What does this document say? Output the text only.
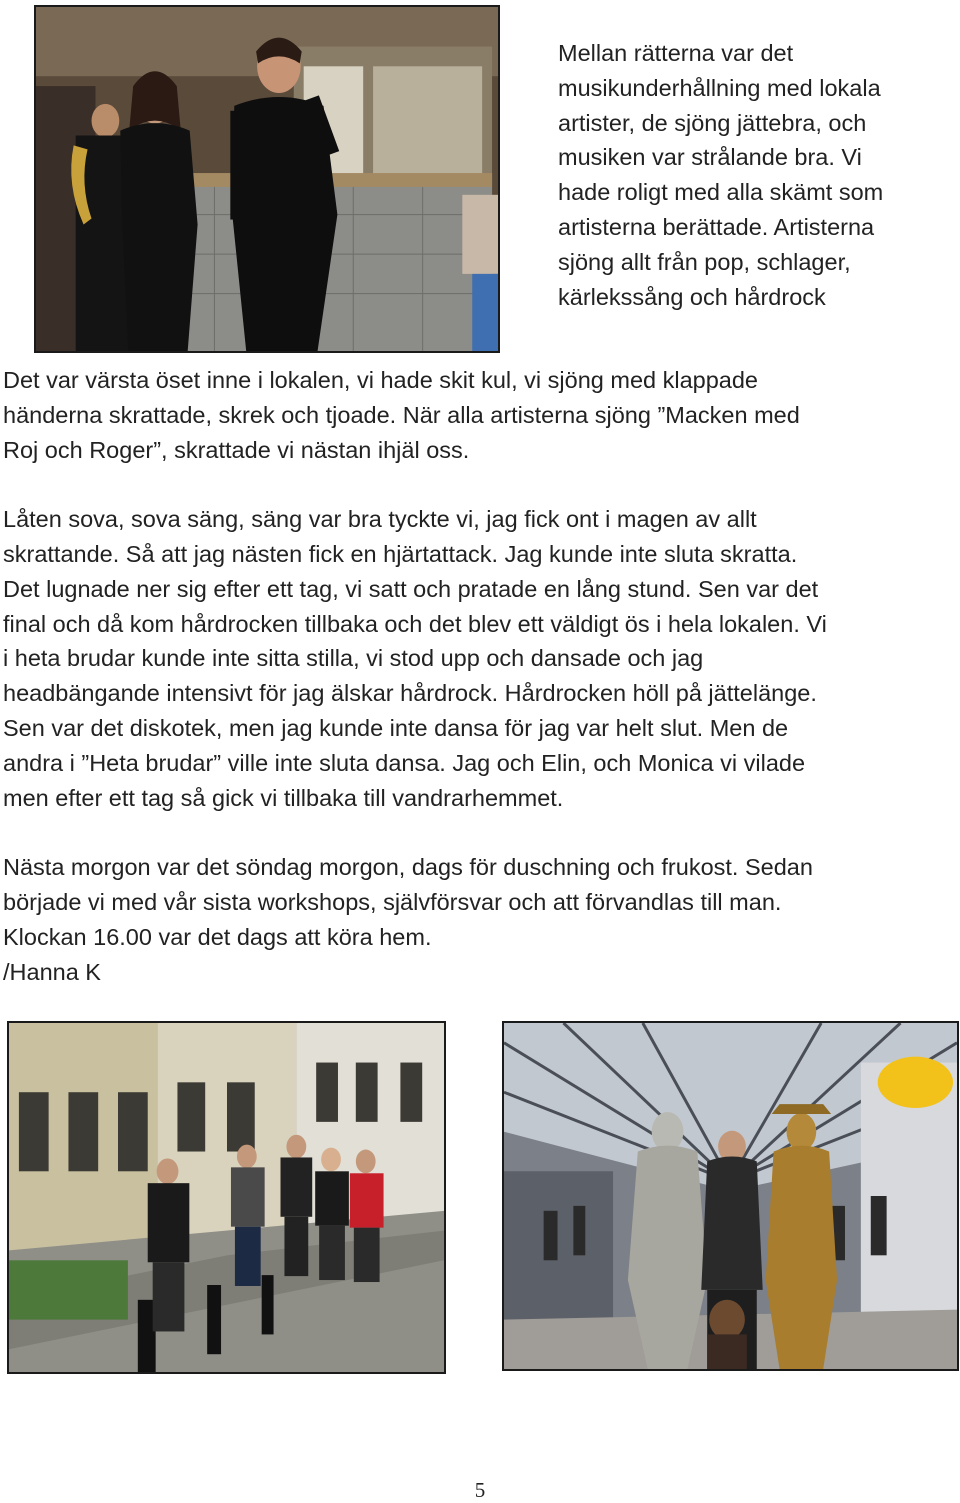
Mellan rätterna var det

musikunderhållning med lokala

artister, de sjöng jättebra, och

musiken var strålande bra. Vi

hade roligt med alla skämt som

artisterna berättade. Artisterna

sjöng allt från pop, schlager,

kärlekssång och hårdrock

Det var värsta öset inne i lokalen, vi hade skit kul, vi sjöng med klappade

händerna skrattade, skrek och tjoade. När alla artisterna sjöng ”Macken med

Roj och Roger”, skrattade vi nästan ihjäl oss.

Låten sova, sova säng, säng var bra tyckte vi, jag fick ont i magen av allt

skrattande. Så att jag nästen fick en hjärtattack. Jag kunde inte sluta skratta.

Det lugnade ner sig efter ett tag, vi satt och pratade en lång stund. Sen var det

final och då kom hårdrocken tillbaka och det blev ett väldigt ös i hela lokalen. Vi

i heta brudar kunde inte sitta stilla, vi stod upp och dansade och jag

headbängande intensivt för jag älskar hårdrock. Hårdrocken höll på jättelänge.

Sen var det diskotek, men jag kunde inte dansa för jag var helt slut. Men de

andra i ”Heta brudar” ville inte sluta dansa. Jag och Elin, och Monica vi vilade

men efter ett tag så gick vi tillbaka till vandrarhemmet.

Nästa morgon var det söndag morgon, dags för duschning och frukost. Sedan

började vi med vår sista workshops, självförsvar och att förvandlas till man.

Klockan 16.00 var det dags att köra hem.

/Hanna K

5
